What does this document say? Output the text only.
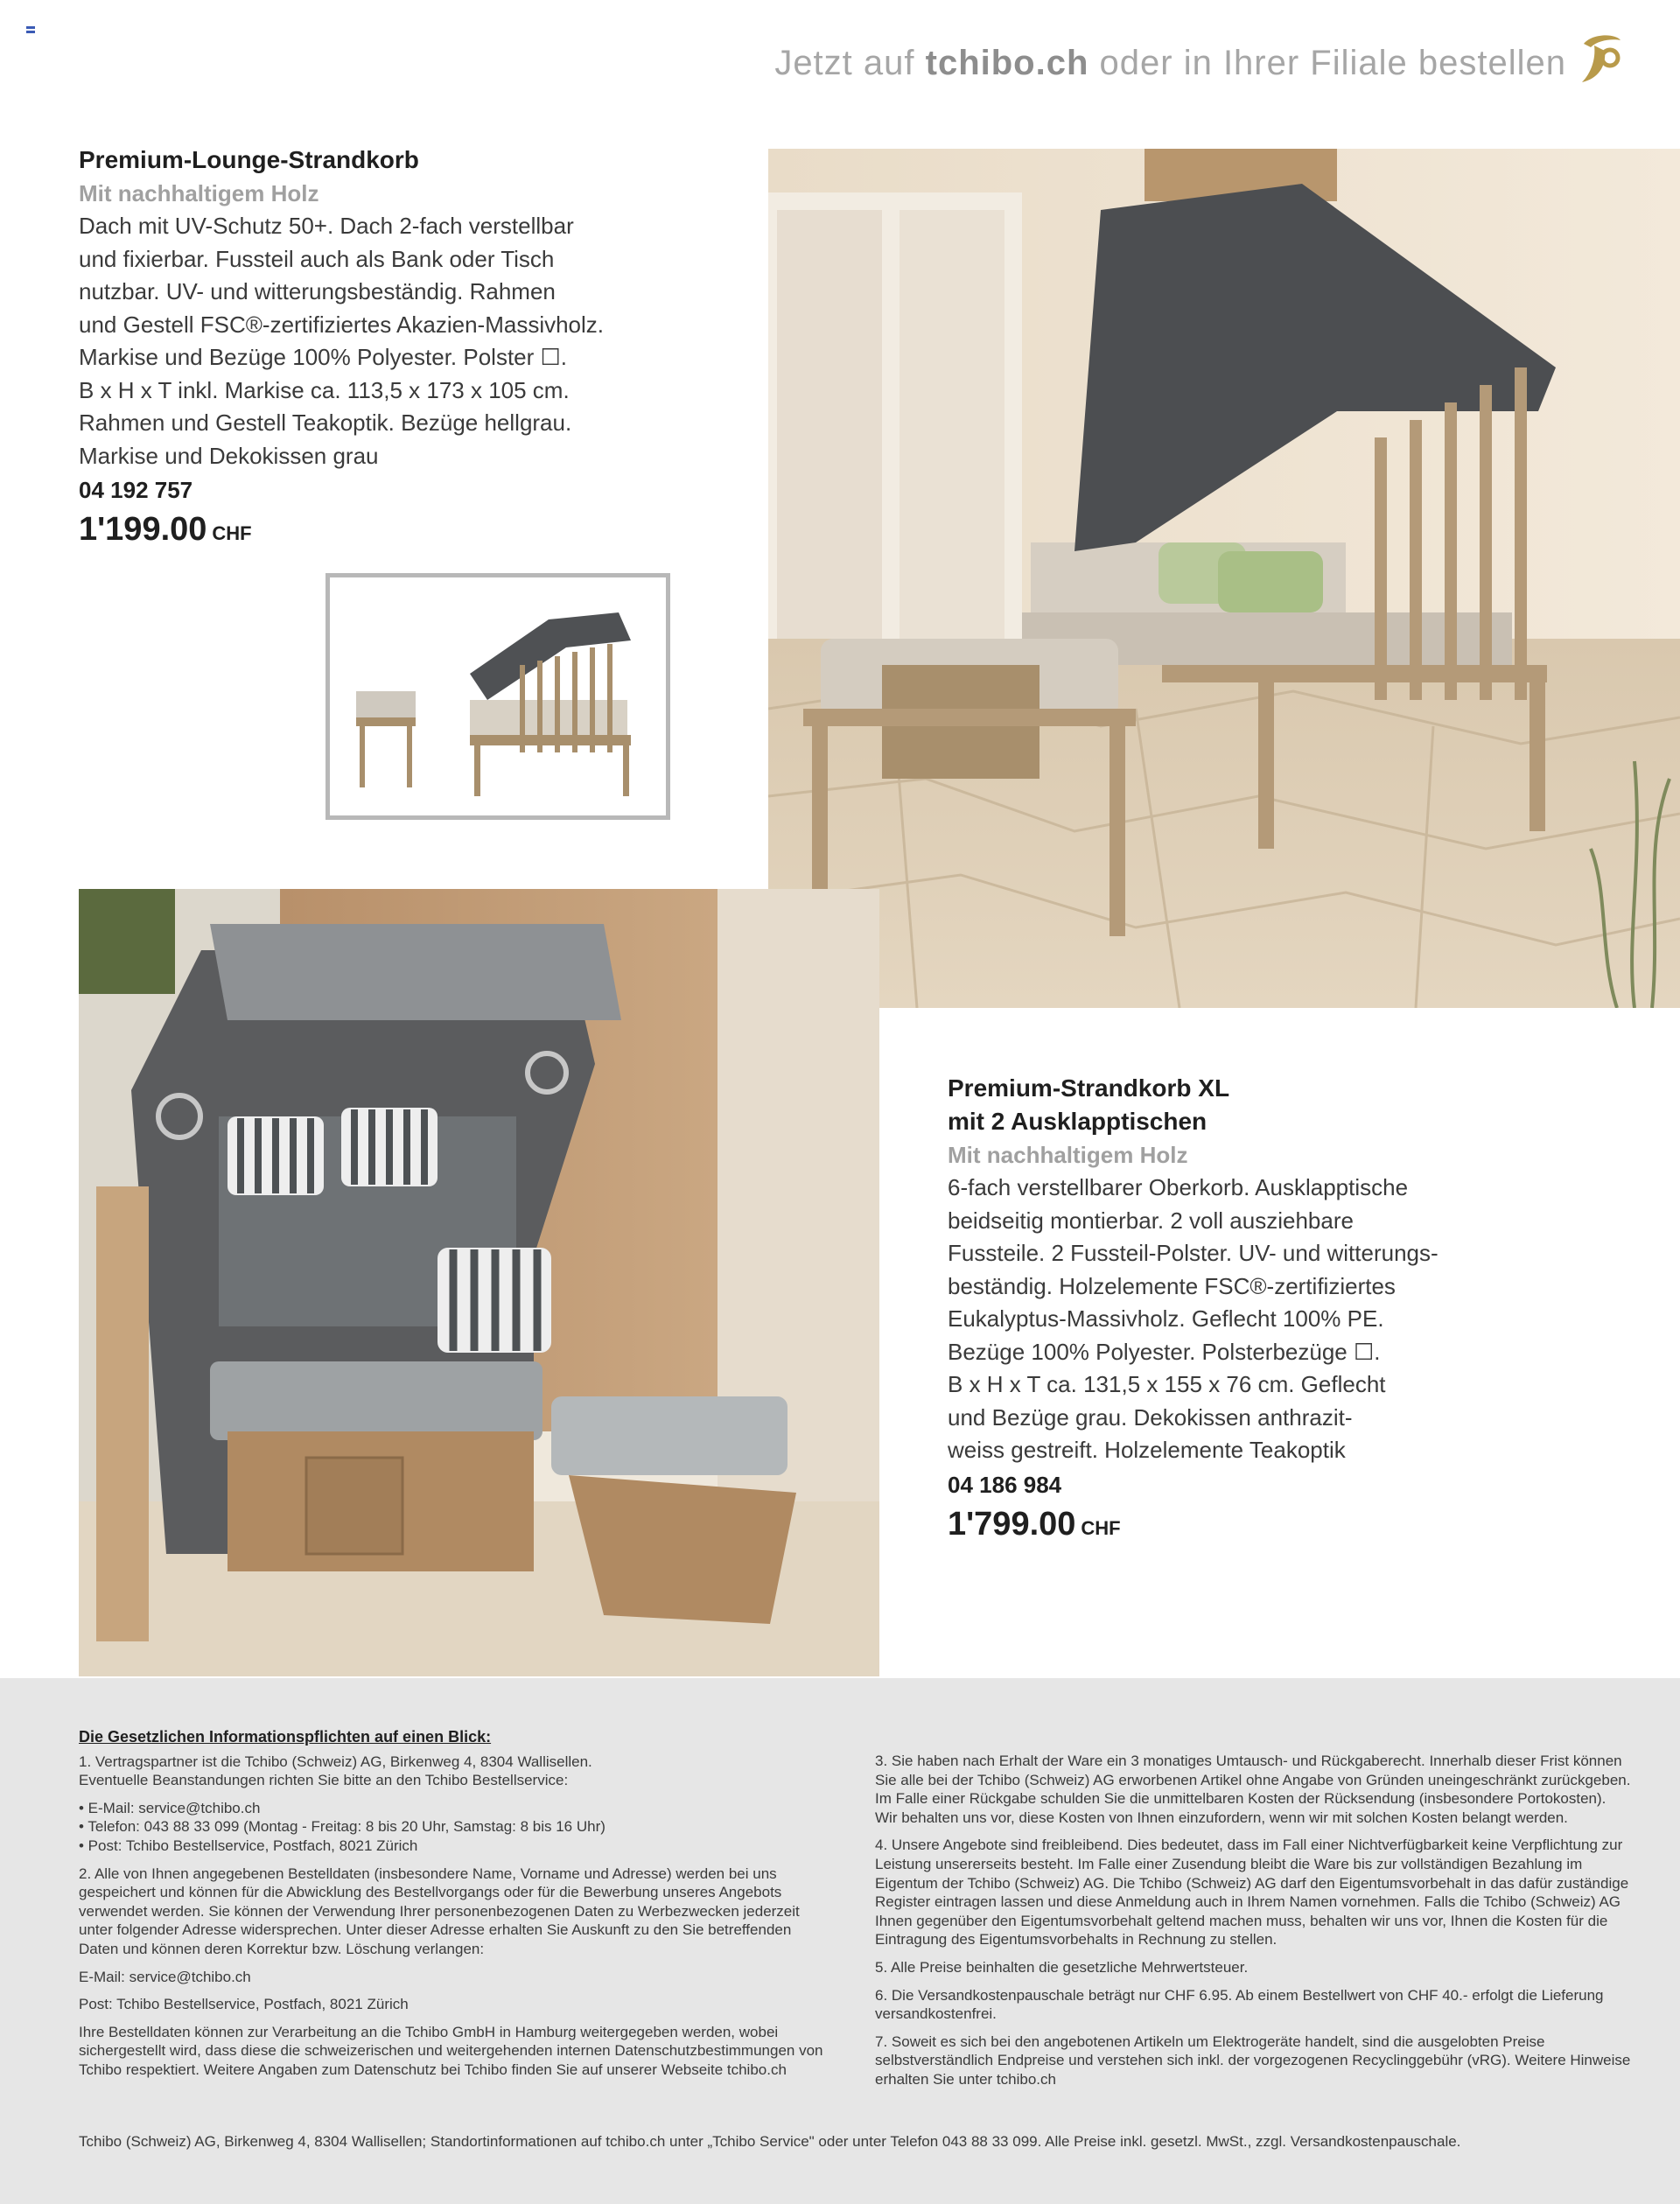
Jetzt auf tchibo.ch oder in Ihrer Filiale bestellen
Premium-Lounge-Strandkorb
Mit nachhaltigem Holz
Dach mit UV-Schutz 50+. Dach 2-fach verstellbar
und fixierbar. Fussteil auch als Bank oder Tisch
nutzbar. UV- und witterungsbeständig. Rahmen
und Gestell FSC®-zertifiziertes Akazien-Massivholz.
Markise und Bezüge 100% Polyester. Polster ☐.
B x H x T inkl. Markise ca. 113,5 x 173 x 105 cm.
Rahmen und Gestell Teakoptik. Bezüge hellgrau.
Markise und Dekokissen grau
04 192 757
1'199.00 CHF
Premium-Strandkorb XL
mit 2 Ausklapptischen
Mit nachhaltigem Holz
6-fach verstellbarer Oberkorb. Ausklapptische
beidseitig montierbar. 2 voll ausziehbare
Fussteile. 2 Fussteil-Polster. UV- und witterungs-
beständig. Holzelemente FSC®-zertifiziertes
Eukalyptus-Massivholz. Geflecht 100% PE.
Bezüge 100% Polyester. Polsterbezüge ☐.
B x H x T ca. 131,5 x 155 x 76 cm. Geflecht
und Bezüge grau. Dekokissen anthrazit-
weiss gestreift. Holzelemente Teakoptik
04 186 984
1'799.00 CHF
Die Gesetzlichen Informationspflichten auf einen Blick:

1. Vertragspartner ist die Tchibo (Schweiz) AG, Birkenweg 4, 8304 Wallisellen.
Eventuelle Beanstandungen richten Sie bitte an den Tchibo Bestellservice:

• E-Mail: service@tchibo.ch
• Telefon: 043 88 33 099 (Montag - Freitag: 8 bis 20 Uhr, Samstag: 8 bis 16 Uhr)
• Post: Tchibo Bestellservice, Postfach, 8021 Zürich

2. Alle von Ihnen angegebenen Bestelldaten (insbesondere Name, Vorname und Adresse) werden bei uns gespeichert und können für die Abwicklung des Bestellvorgangs oder für die Bewerbung unseres Angebots verwendet werden. Sie können der Verwendung Ihrer personenbezogenen Daten zu Werbezwecken jederzeit unter folgender Adresse widersprechen. Unter dieser Adresse erhalten Sie Auskunft zu den Sie betreffenden Daten und können deren Korrektur bzw. Löschung verlangen:

E-Mail: service@tchibo.ch

Post: Tchibo Bestellservice, Postfach, 8021 Zürich

Ihre Bestelldaten können zur Verarbeitung an die Tchibo GmbH in Hamburg weitergegeben werden, wobei sichergestellt wird, dass diese die schweizerischen und weitergehenden internen Datenschutzbestimmungen von Tchibo respektiert. Weitere Angaben zum Datenschutz bei Tchibo finden Sie auf unserer Webseite tchibo.ch

3. Sie haben nach Erhalt der Ware ein 3 monatiges Umtausch- und Rückgaberecht. Innerhalb dieser Frist können Sie alle bei der Tchibo (Schweiz) AG erworbenen Artikel ohne Angabe von Gründen uneingeschränkt zurückgeben. Im Falle einer Rückgabe schulden Sie die unmittelbaren Kosten der Rücksendung (insbesondere Portokosten). Wir behalten uns vor, diese Kosten von Ihnen einzufordern, wenn wir mit solchen Kosten belangt werden.

4. Unsere Angebote sind freibleibend. Dies bedeutet, dass im Fall einer Nichtverfügbarkeit keine Verpflichtung zur Leistung unsererseits besteht. Im Falle einer Zusendung bleibt die Ware bis zur vollständigen Bezahlung im Eigentum der Tchibo (Schweiz) AG. Die Tchibo (Schweiz) AG darf den Eigentumsvorbehalt in das dafür zuständige Register eintragen lassen und diese Anmeldung auch in Ihrem Namen vornehmen. Falls die Tchibo (Schweiz) AG Ihnen gegenüber den Eigentumsvorbehalt geltend machen muss, behalten wir uns vor, Ihnen die Kosten für die Eintragung des Eigentumsvorbehalts in Rechnung zu stellen.

5. Alle Preise beinhalten die gesetzliche Mehrwertsteuer.

6. Die Versandkostenpauschale beträgt nur CHF 6.95. Ab einem Bestellwert von CHF 40.- erfolgt die Lieferung versandkostenfrei.

7. Soweit es sich bei den angebotenen Artikeln um Elektrogeräte handelt, sind die ausgelobten Preise selbstverständlich Endpreise und verstehen sich inkl. der vorgezogenen Recyclinggebühr (vRG). Weitere Hinweise erhalten Sie unter tchibo.ch

Tchibo (Schweiz) AG, Birkenweg 4, 8304 Wallisellen; Standortinformationen auf tchibo.ch unter „Tchibo Service" oder unter Telefon 043 88 33 099. Alle Preise inkl. gesetzl. MwSt., zzgl. Versandkostenpauschale.
